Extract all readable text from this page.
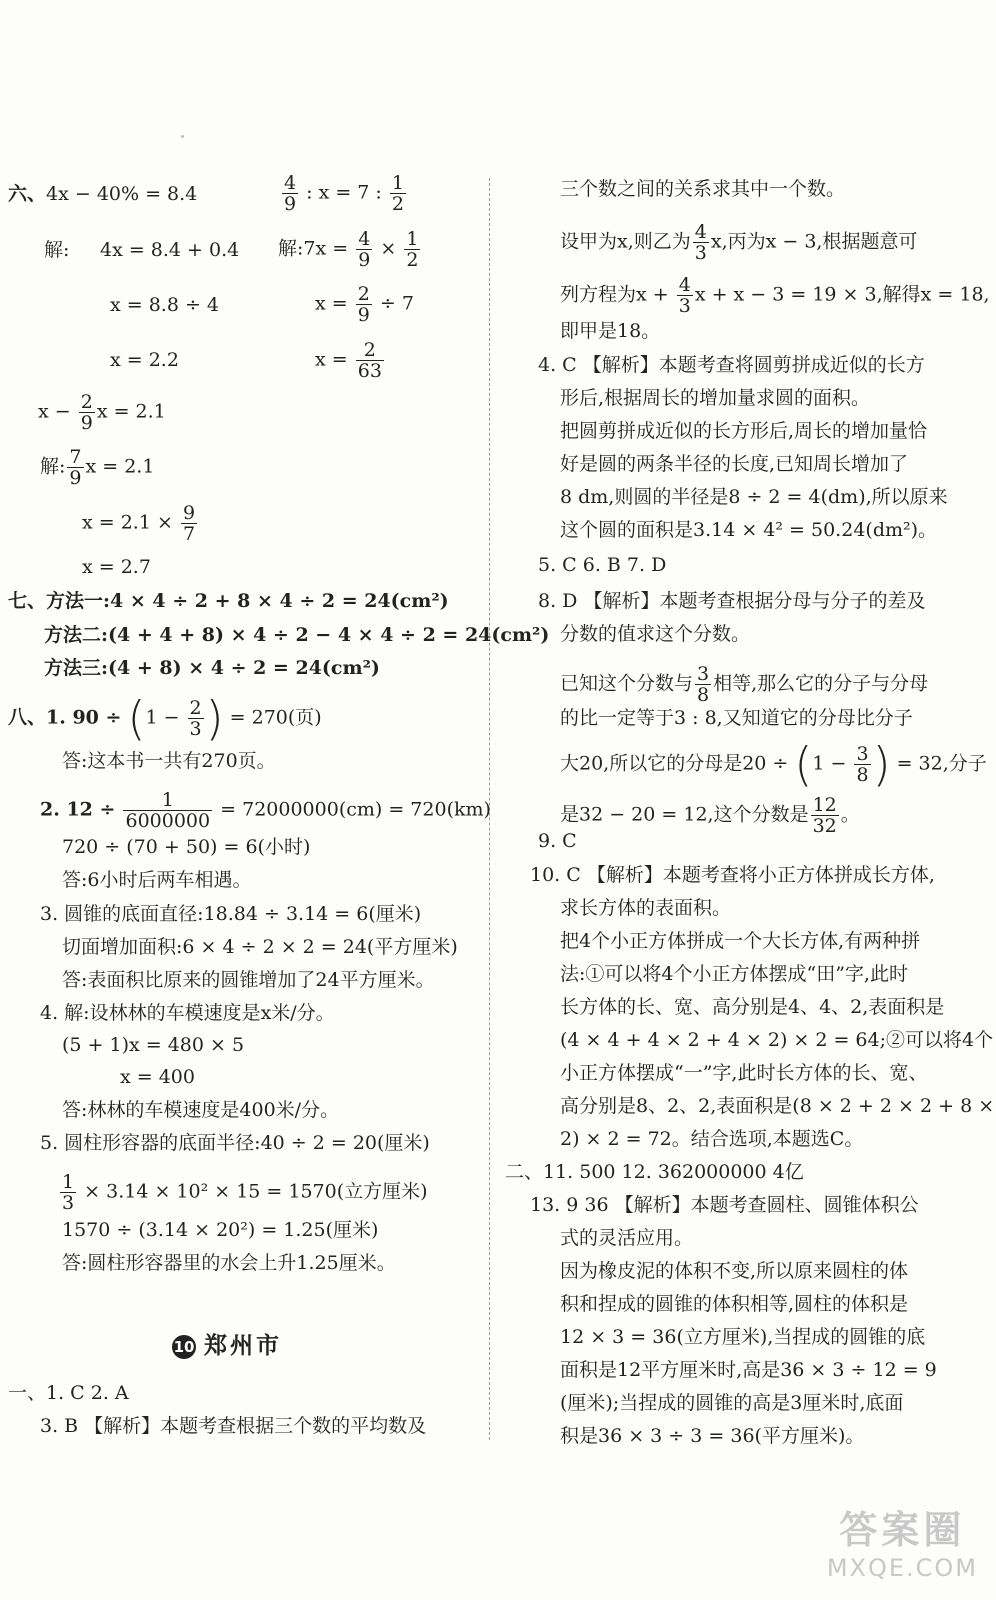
六、4x − 40% = 8.4
解: 4x = 8.4 + 0.4
x = 8.8 ÷ 4
x = 2.2
$\frac{4}{9}$ : x = 7 : $\frac{1}{2}$
解:7x = $\frac{4}{9} \times \frac{1}{2}$
$x = \frac{2}{9} \div 7$
$x = \frac{2}{63}$
$x - \frac{2}{9}$ x = 2.1
解: $\frac{7}{9}$ x = 2.1
$x = 2.1 \times \frac{9}{7}$
x = 2.7
七、方法一:4 × 4 ÷ 2 + 8 × 4 ÷ 2 = 24(cm²)
方法二:(4 + 4 + 8) × 4 ÷ 2 − 4 × 4 ÷ 2 = 24(cm²)
方法三:(4 + 8) × 4 ÷ 2 = 24(cm²)
八、1. $90 \div (1 - \frac{2}{3}$ ) = 270(页)
答:这本书一共有270页。
2. $12 \div \frac{1}{6000000} = 72000000(cm) = 720(km)$
720 ÷ (70 + 50) = 6(小时)
答:6小时后两车相遇。
3. 圆锥的底面直径:18.84 ÷ 3.14 = 6(厘米)
切面增加面积:6 × 4 ÷ 2 × 2 = 24(平方厘米)
答:表面积比原来的圆锥增加了24平方厘米。
4. 解:设林林的车模速度是x米/分。
(5 + 1)x = 480 × 5
x = 400
答:林林的车模速度是400米/分。
5. 圆柱形容器的底面半径:40 ÷ 2 = 20(厘米)
$\frac{1}{3} \times 3.14 \times 10^2 \times 15 = 1570$(立方厘米)
1570 ÷ (3.14 × 20²) = 1.25(厘米)
答:圆柱形容器里的水会上升1.25厘米。
10 郑州市
一、1. C 2. A
3. B 【解析】本题考查根据三个数的平均数及
三个数之间的关系求其中一个数。
设甲为x,则乙为 $\frac{4}{3} x$,丙为x − 3,根据题意可
列方程为$x + \frac{4}{3}$ x + x − 3 = 19 × 3,解得x = 18,
即甲是18。
4. C 【解析】本题考查将圆剪拼成近似的长方
形后,根据周长的增加量求圆的面积。
把圆剪拼成近似的长方形后,周长的增加量恰
好是圆的两条半径的长度,已知周长增加了
8 dm,则圆的半径是8 ÷ 2 = 4(dm),所以原来
这个圆的面积是3.14 × 4² = 50.24(dm²)。
5. C 6. B 7. D
8. D 【解析】本题考查根据分母与分子的差及
分数的值求这个分数。
已知这个分数与 $\frac{3}{8}$ 相等,那么它的分子与分母
的比一定等于3 : 8,又知道它的分母比分子
大20,所以它的分母是$20 \div (1 - \frac{3}{8}$ ) = 32,分子
是32 − 20 = 12,这个分数是 $\frac{12}{32}$ 。
9. C
10. C 【解析】本题考查将小正方体拼成长方体,
求长方体的表面积。
把4个小正方体拼成一个大长方体,有两种拼
法:①可以将4个小正方体摆成“田”字,此时
长方体的长、宽、高分别是4、4、2,表面积是
(4 × 4 + 4 × 2 + 4 × 2) × 2 = 64;②可以将4个
小正方体摆成“一”字,此时长方体的长、宽、
高分别是8、2、2,表面积是(8 × 2 + 2 × 2 + 8 ×
2) × 2 = 72。结合选项,本题选C。
二、11. 500 12. 362000000 4亿
13. 9 36 【解析】本题考查圆柱、圆锥体积公
式的灵活应用。
因为橡皮泥的体积不变,所以原来圆柱的体
积和捏成的圆锥的体积相等,圆柱的体积是
12 × 3 = 36(立方厘米),当捏成的圆锥的底
面积是12平方厘米时,高是36 × 3 ÷ 12 = 9
(厘米);当捏成的圆锥的高是3厘米时,底面
积是36 × 3 ÷ 3 = 36(平方厘米)。
答案圈
MXQE.COM
